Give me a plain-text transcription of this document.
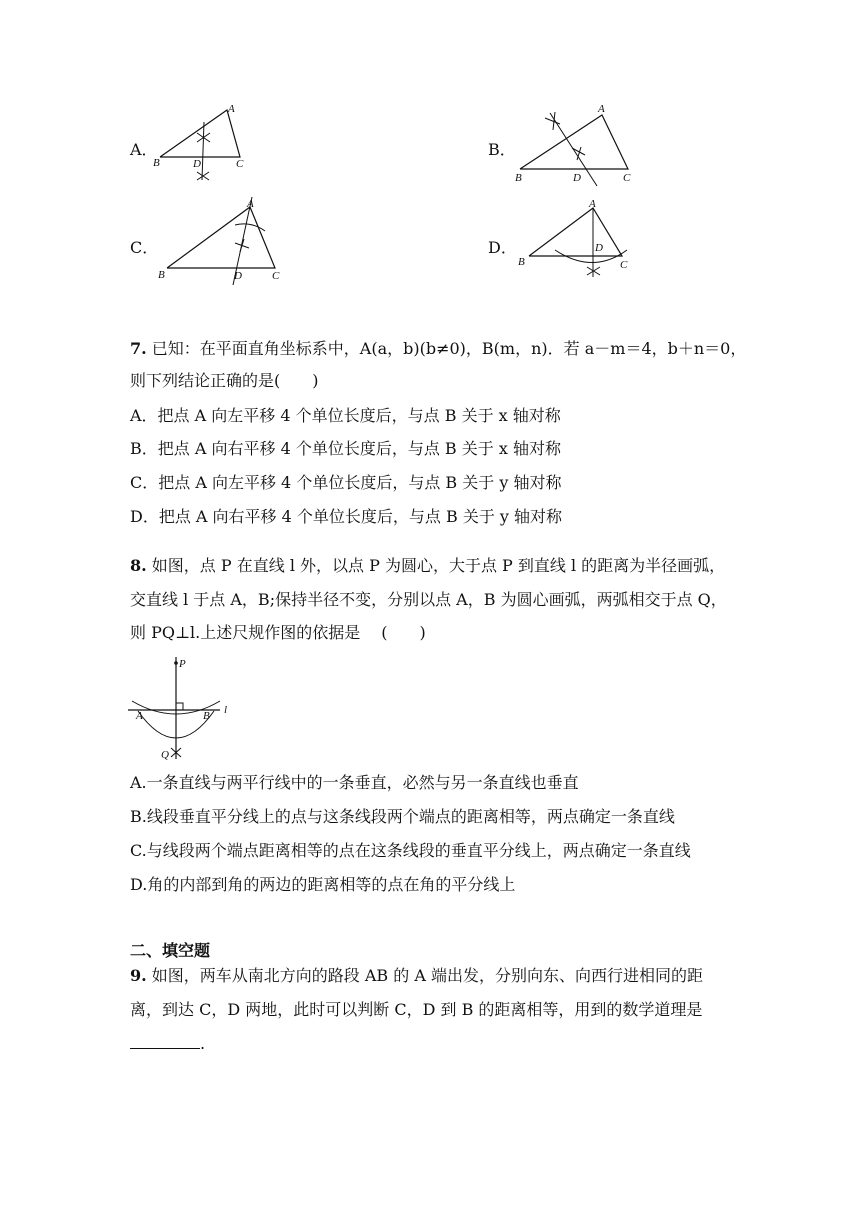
A．
A
B	D	C
B．
A
B	D	C
C．
A
B	D	C
D．
A
D
B	C
7. 已知：在平面直角坐标系中，A(a，b)(b≠0)，B(m，n)．若 a－m＝4，b＋n＝0，
则下列结论正确的是(　　)
A．把点 A 向左平移 4 个单位长度后，与点 B 关于 x 轴对称
B．把点 A 向右平移 4 个单位长度后，与点 B 关于 x 轴对称
C．把点 A 向左平移 4 个单位长度后，与点 B 关于 y 轴对称
D．把点 A 向右平移 4 个单位长度后，与点 B 关于 y 轴对称
8. 如图，点 P 在直线 l 外，以点 P 为圆心，大于点 P 到直线 l 的距离为半径画弧，
交直线 l 于点 A，B;保持半径不变，分别以点 A，B 为圆心画弧，两弧相交于点 Q，
则 PQ⊥l.上述尺规作图的依据是　 (　　)
P
A	B l
Q
A.一条直线与两平行线中的一条垂直，必然与另一条直线也垂直
B.线段垂直平分线上的点与这条线段两个端点的距离相等，两点确定一条直线
C.与线段两个端点距离相等的点在这条线段的垂直平分线上，两点确定一条直线
D.角的内部到角的两边的距离相等的点在角的平分线上
二、填空题
9. 如图，两车从南北方向的路段 AB 的 A 端出发，分别向东、向西行进相同的距
离，到达 C，D 两地，此时可以判断 C，D 到 B 的距离相等，用到的数学道理是
.
